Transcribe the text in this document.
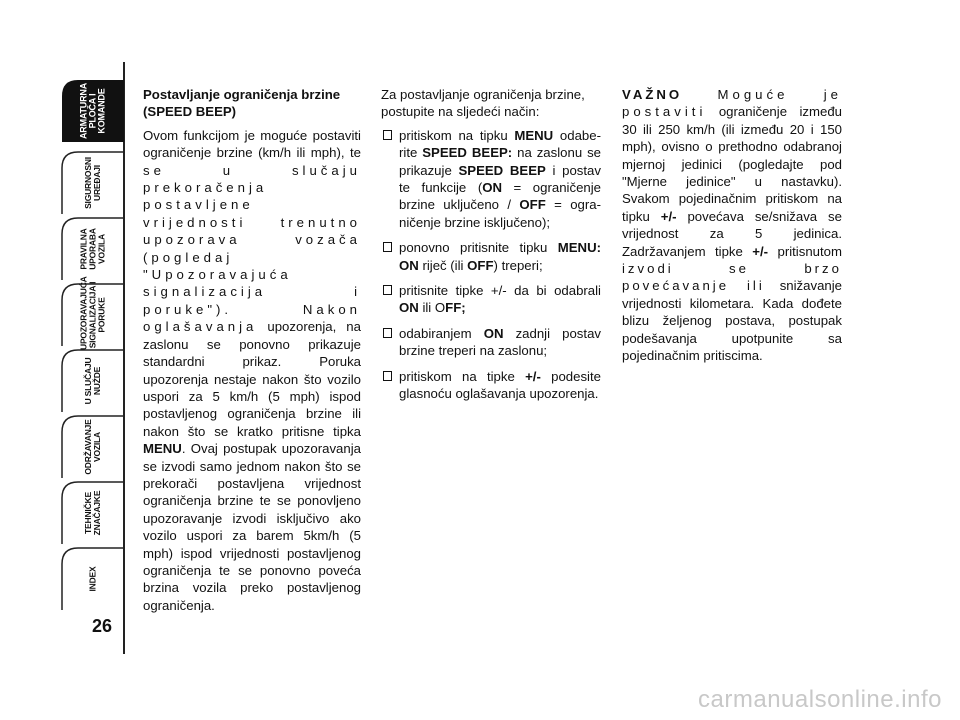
ARMATURNA
PLOČA I
KOMANDE
SIGURNOSNI
UREĐAJI
PRAVILNA
UPORABA
VOZILA
UPOZORAVAJUĆA
SIGNALIZACIJA I
PORUKE
U SLUČAJU
NUŽDE
ODRŽAVANJE
VOZILA
TEHNIČKE
ZNAČAJKE
INDEX
26

Postavljanje ograničenja brzine (SPEED BEEP)

Ovom funkcijom je moguće postaviti ograničenje brzine (km/h ili mph), te se u slučaju prekoračenja postavljene vrijednosti trenutno upozorava vozača (pogledaj "Upozoravajuća signalizacija i poruke"). Nakon oglašavanja upozorenja, na zaslonu se ponovno prikazuje standardni prikaz. Poruka upozorenja nestaje nakon što vozilo uspori za 5 km/h (5 mph) ispod postavljenog ograničenja brzine ili nakon što se kratko pritisne tipka MENU. Ovaj postupak upozoravanja se izvodi samo jednom nakon što se prekorači postavljena vrijednost ograničenja brzine te se ponovljeno upozoravanje izvodi isključivo ako vozilo uspori za barem 5km/h (5 mph) ispod vrijednosti postavljenog ograničenja te se ponovno poveća brzina vozila preko postavljenog ograničenja.

Za postavljanje ograničenja brzine, postupite na sljedeći način:

pritiskom na tipku MENU odaberite SPEED BEEP: na zaslonu se prikazuje SPEED BEEP i postav te funkcije (ON = ograničenje brzine uključeno / OFF = ograničenje brzine isključeno);
ponovno pritisnite tipku MENU: ON riječ (ili OFF) treperi;
pritisnite tipke +/- da bi odabrali ON ili OFF;
odabiranjem ON zadnji postav brzine treperi na zaslonu;
pritiskom na tipke +/- podesite glasnoću oglašavanja upozorenja.

VAŽNO Moguće je postaviti ograničenje između 30 ili 250 km/h (ili između 20 i 150 mph), ovisno o prethodno odabranoj mjernoj jedinici (pogledajte pod "Mjerne jedinice" u nastavku). Svakom pojedinačnim pritiskom na tipku +/- povećava se/snižava se vrijednost za 5 jedinica. Zadržavanjem tipke +/- pritisnutom izvodi se brzo povećavanje ili snižavanje vrijednosti kilometara. Kada dođete blizu željenog postava, postupak podešavanja upotpunite sa pojedinačnim pritiscima.

carmanualsonline.info
